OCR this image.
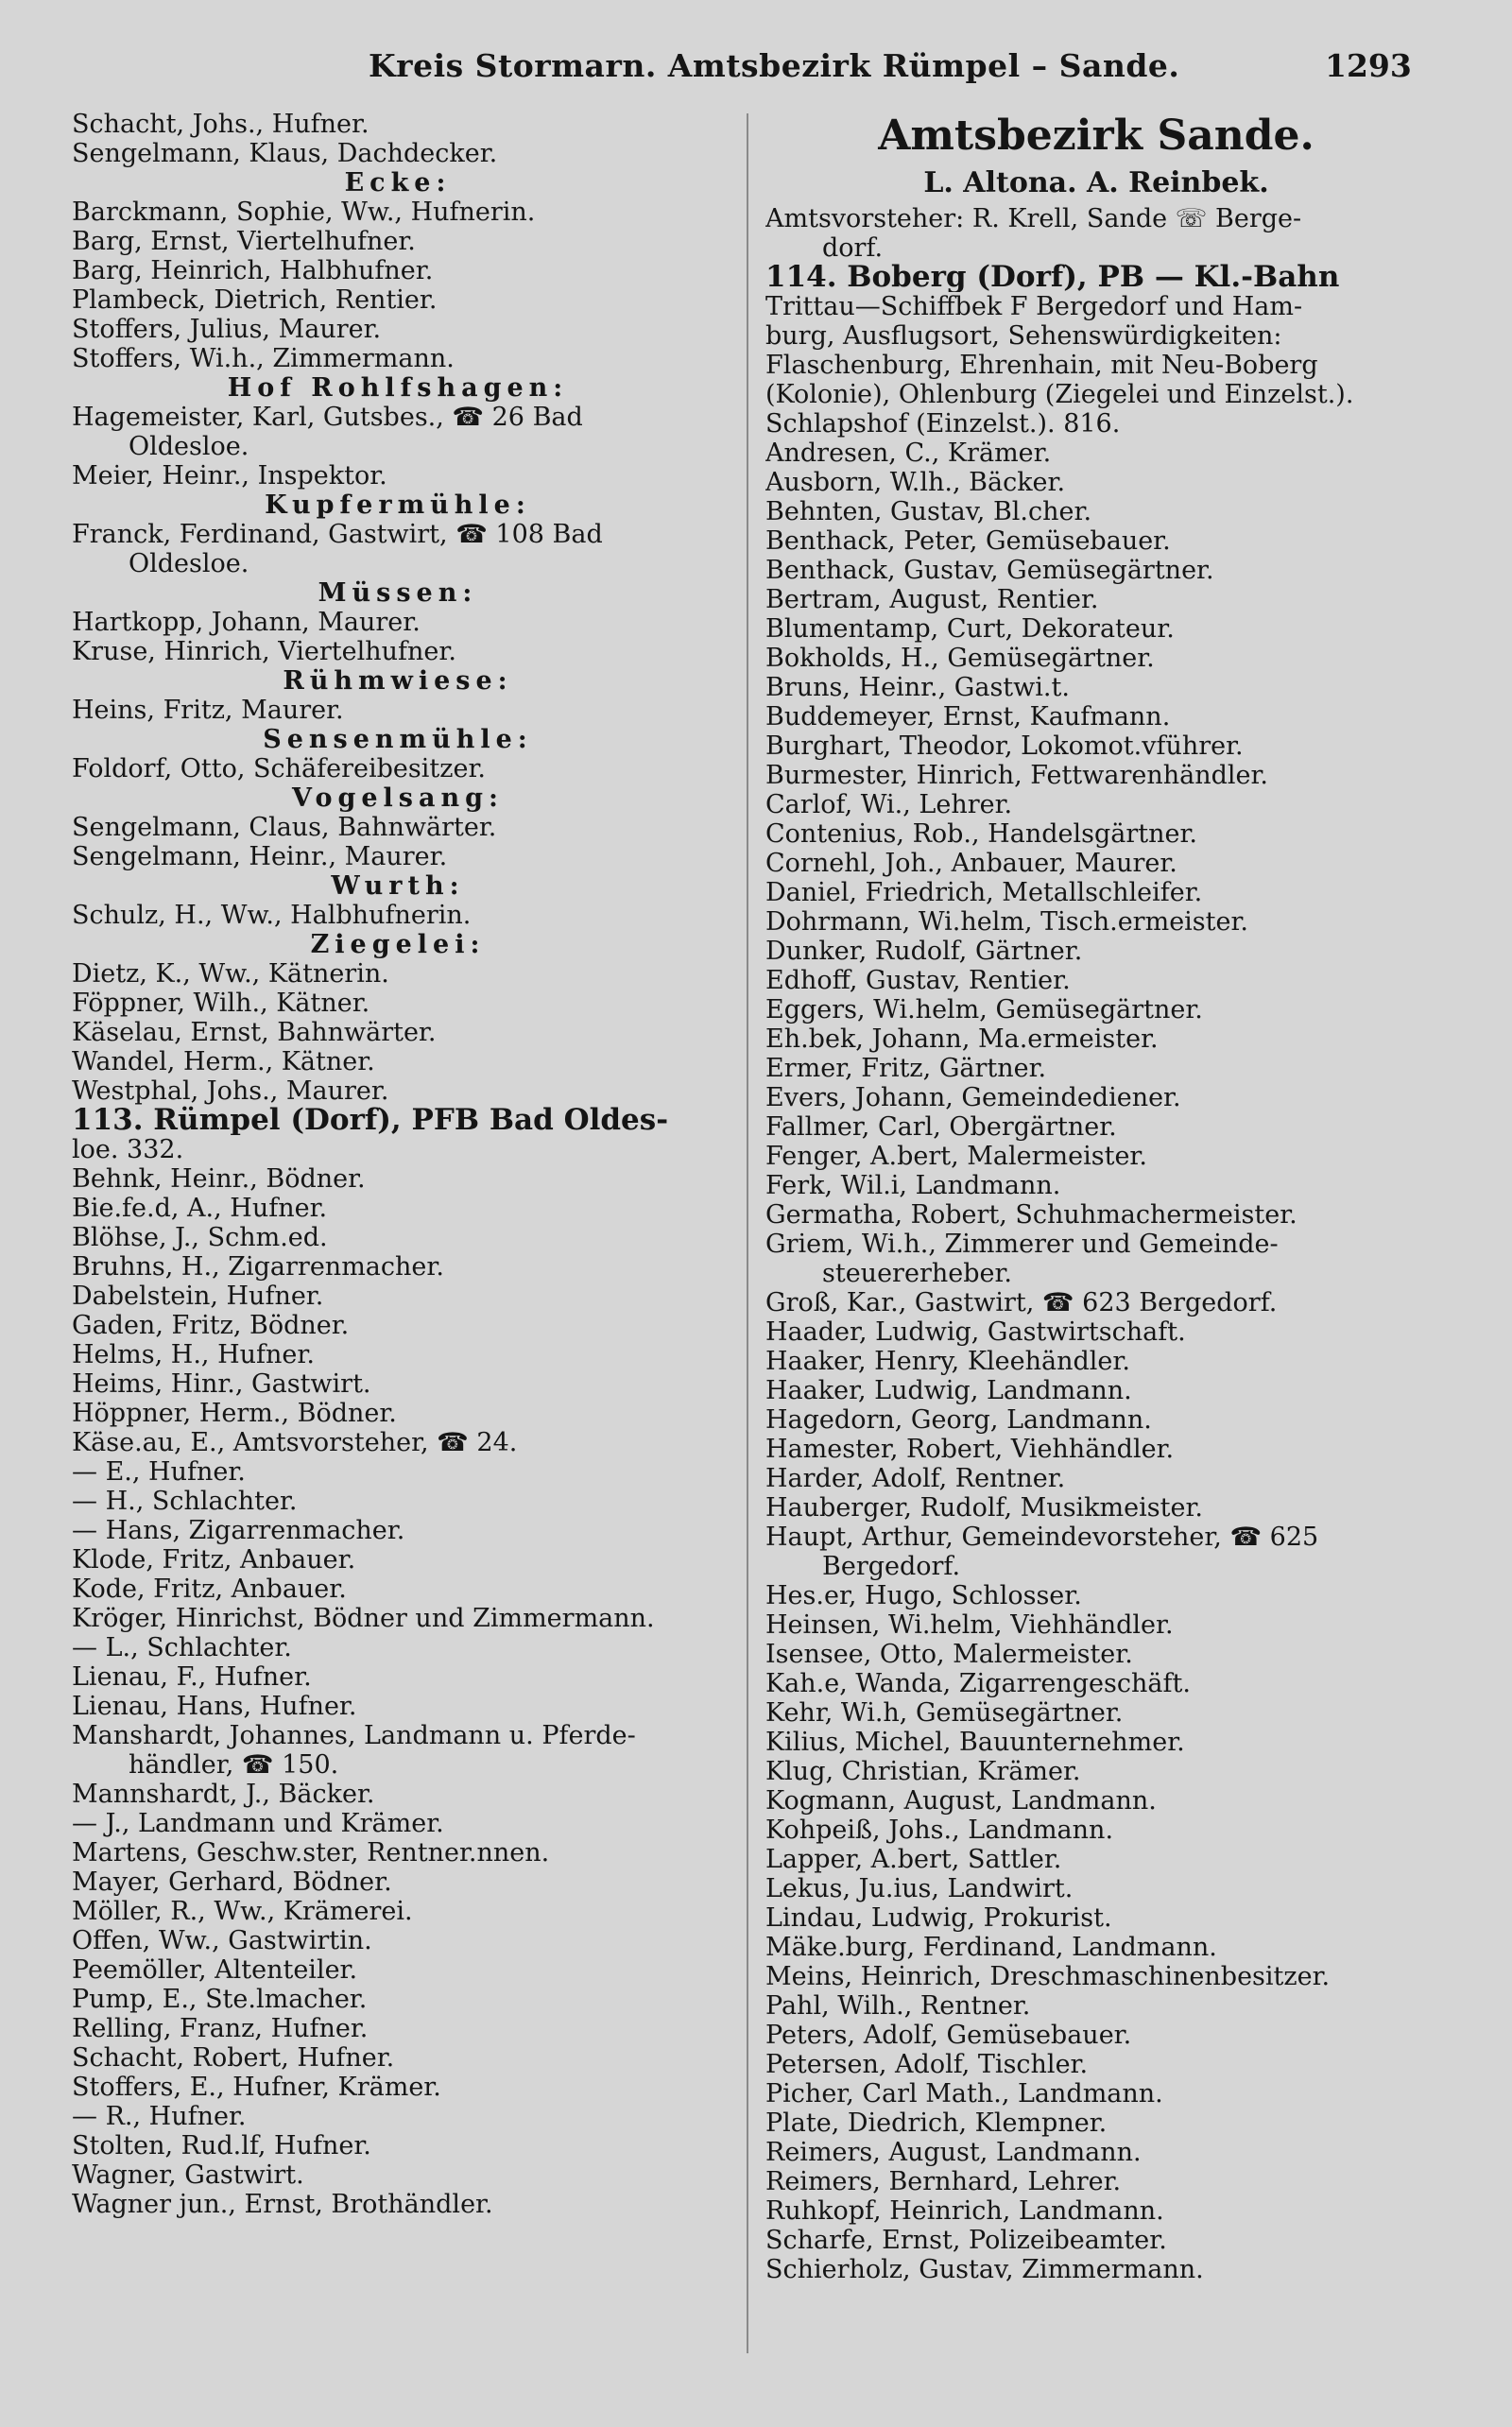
Kreis Stormarn. Amtsbezirk Rümpel – Sande.	1293
Schacht, Johs., Hufner.
Sengelmann, Klaus, Dachdecker.
Ecke:
Barckmann, Sophie, Ww., Hufnerin.
Barg, Ernst, Viertelhufner.
Barg, Heinrich, Halbhufner.
Plambeck, Dietrich, Rentier.
Stoffers, Julius, Maurer.
Stoffers, Wi.h., Zimmermann.
Hof Rohlfshagen:
Hagemeister, Karl, Gutsbes., ☎ 26 Bad
Oldesloe.
Meier, Heinr., Inspektor.
Kupfermühle:
Franck, Ferdinand, Gastwirt, ☎ 108 Bad
Oldesloe.
Müssen:
Hartkopp, Johann, Maurer.
Kruse, Hinrich, Viertelhufner.
Rühmwiese:
Heins, Fritz, Maurer.
Sensenmühle:
Foldorf, Otto, Schäfereibesitzer.
Vogelsang:
Sengelmann, Claus, Bahnwärter.
Sengelmann, Heinr., Maurer.
Wurth:
Schulz, H., Ww., Halbhufnerin.
Ziegelei:
Dietz, K., Ww., Kätnerin.
Föppner, Wilh., Kätner.
Käselau, Ernst, Bahnwärter.
Wandel, Herm., Kätner.
Westphal, Johs., Maurer.
113. Rümpel (Dorf), PFB Bad Oldes-
loe. 332.
Behnk, Heinr., Bödner.
Bie.fe.d, A., Hufner.
Blöhse, J., Schm.ed.
Bruhns, H., Zigarrenmacher.
Dabelstein, Hufner.
Gaden, Fritz, Bödner.
Helms, H., Hufner.
Heims, Hinr., Gastwirt.
Höppner, Herm., Bödner.
Käse.au, E., Amtsvorsteher, ☎ 24.
— E., Hufner.
— H., Schlachter.
— Hans, Zigarrenmacher.
Klode, Fritz, Anbauer.
Kode, Fritz, Anbauer.
Kröger, Hinrichst, Bödner und Zimmermann.
— L., Schlachter.
Lienau, F., Hufner.
Lienau, Hans, Hufner.
Manshardt, Johannes, Landmann u. Pferde-
händler, ☎ 150.
Mannshardt, J., Bäcker.
— J., Landmann und Krämer.
Martens, Geschw.ster, Rentner.nnen.
Mayer, Gerhard, Bödner.
Möller, R., Ww., Krämerei.
Offen, Ww., Gastwirtin.
Peemöller, Altenteiler.
Pump, E., Ste.lmacher.
Relling, Franz, Hufner.
Schacht, Robert, Hufner.
Stoffers, E., Hufner, Krämer.
— R., Hufner.
Stolten, Rud.lf, Hufner.
Wagner, Gastwirt.
Wagner jun., Ernst, Brothändler.
Amtsbezirk Sande.
L. Altona. A. Reinbek.
Amtsvorsteher: R. Krell, Sande ☏ Berge-
dorf.
114. Boberg (Dorf), PB — Kl.-Bahn
Trittau—Schiffbek F Bergedorf und Ham-
burg, Ausflugsort, Sehenswürdigkeiten:
Flaschenburg, Ehrenhain, mit Neu-Boberg
(Kolonie), Ohlenburg (Ziegelei und Einzelst.).
Schlapshof (Einzelst.). 816.
Andresen, C., Krämer.
Ausborn, W.lh., Bäcker.
Behnten, Gustav, Bl.cher.
Benthack, Peter, Gemüsebauer.
Benthack, Gustav, Gemüsegärtner.
Bertram, August, Rentier.
Blumentamp, Curt, Dekorateur.
Bokholds, H., Gemüsegärtner.
Bruns, Heinr., Gastwi.t.
Buddemeyer, Ernst, Kaufmann.
Burghart, Theodor, Lokomot.vführer.
Burmester, Hinrich, Fettwarenhändler.
Carlof, Wi., Lehrer.
Contenius, Rob., Handelsgärtner.
Cornehl, Joh., Anbauer, Maurer.
Daniel, Friedrich, Metallschleifer.
Dohrmann, Wi.helm, Tisch.ermeister.
Dunker, Rudolf, Gärtner.
Edhoff, Gustav, Rentier.
Eggers, Wi.helm, Gemüsegärtner.
Eh.bek, Johann, Ma.ermeister.
Ermer, Fritz, Gärtner.
Evers, Johann, Gemeindediener.
Fallmer, Carl, Obergärtner.
Fenger, A.bert, Malermeister.
Ferk, Wil.i, Landmann.
Germatha, Robert, Schuhmachermeister.
Griem, Wi.h., Zimmerer und Gemeinde-
steuererheber.
Groß, Kar., Gastwirt, ☎ 623 Bergedorf.
Haader, Ludwig, Gastwirtschaft.
Haaker, Henry, Kleehändler.
Haaker, Ludwig, Landmann.
Hagedorn, Georg, Landmann.
Hamester, Robert, Viehhändler.
Harder, Adolf, Rentner.
Hauberger, Rudolf, Musikmeister.
Haupt, Arthur, Gemeindevorsteher, ☎ 625
Bergedorf.
Hes.er, Hugo, Schlosser.
Heinsen, Wi.helm, Viehhändler.
Isensee, Otto, Malermeister.
Kah.e, Wanda, Zigarrengeschäft.
Kehr, Wi.h, Gemüsegärtner.
Kilius, Michel, Bauunternehmer.
Klug, Christian, Krämer.
Kogmann, August, Landmann.
Kohpeiß, Johs., Landmann.
Lapper, A.bert, Sattler.
Lekus, Ju.ius, Landwirt.
Lindau, Ludwig, Prokurist.
Mäke.burg, Ferdinand, Landmann.
Meins, Heinrich, Dreschmaschinenbesitzer.
Pahl, Wilh., Rentner.
Peters, Adolf, Gemüsebauer.
Petersen, Adolf, Tischler.
Picher, Carl Math., Landmann.
Plate, Diedrich, Klempner.
Reimers, August, Landmann.
Reimers, Bernhard, Lehrer.
Ruhkopf, Heinrich, Landmann.
Scharfe, Ernst, Polizeibeamter.
Schierholz, Gustav, Zimmermann.
